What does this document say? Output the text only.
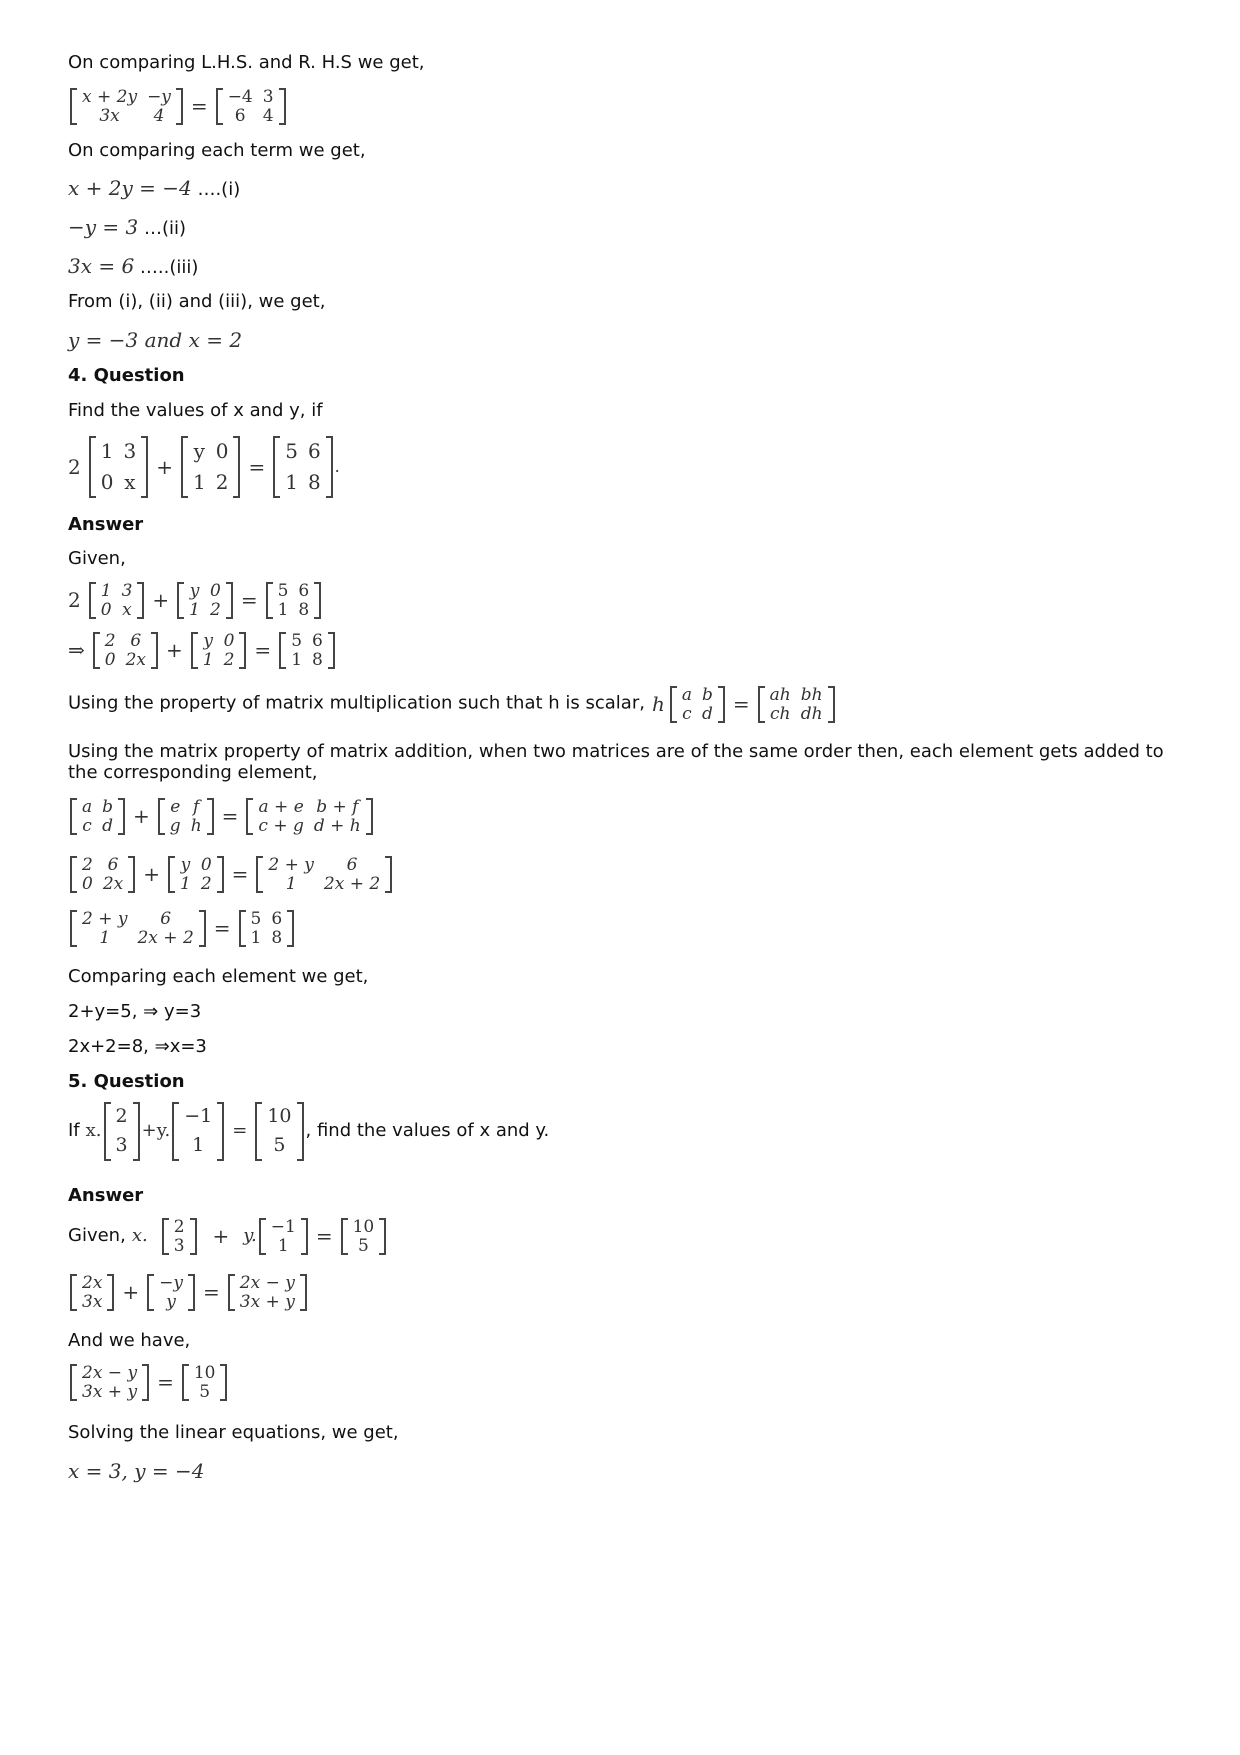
On comparing L.H.S. and R. H.S we get,
x + 2y −y
3x	4	=	−4 3
6	4
On comparing each term we get,
x + 2y = −4 ….(i)
−y = 3 …(ii)
3x = 6 …..(iii)
From (i), (ii) and (iii), we get,
y = −3 and x = 2
4. Question
Find the values of x and y, if
2
1 3
0 x
+
y 0
1 2
=
5 6
1 8
.
Answer
Given,
2	1 3
0 x	+	y 0
1 2	=	5 6
1 8
⇒	2 6
0 2x	+	y 0
1 2	=	5 6
1 8
Using the property of matrix multiplication such that h is scalar, h a b
c d	=	ah bh
ch dh
Using the matrix property of matrix addition, when two matrices are of the same order then, each element gets added to the corresponding element,
a b
c d	+	e f
g h	=	a + e b + f
c + g d + h
2 6
0 2x	+	y 0
1 2	=	2 + y	6
1	2x + 2
2 + y	6
1	2x + 2	=	5 6
1 8
Comparing each element we get,
2+y=5, ⇒ y=3
2x+2=8, ⇒x=3
5. Question
If x.
2
3
+ y.
−1
1
=
10
5
, find the values of x and y.
Answer
Given, x.	2
3	+ y. −1
1	=	10
5
2x
3x	+	−y
y	=	2x − y
3x + y
And we have,
2x − y
3x + y	=	10
5
Solving the linear equations, we get,
x = 3, y = −4
